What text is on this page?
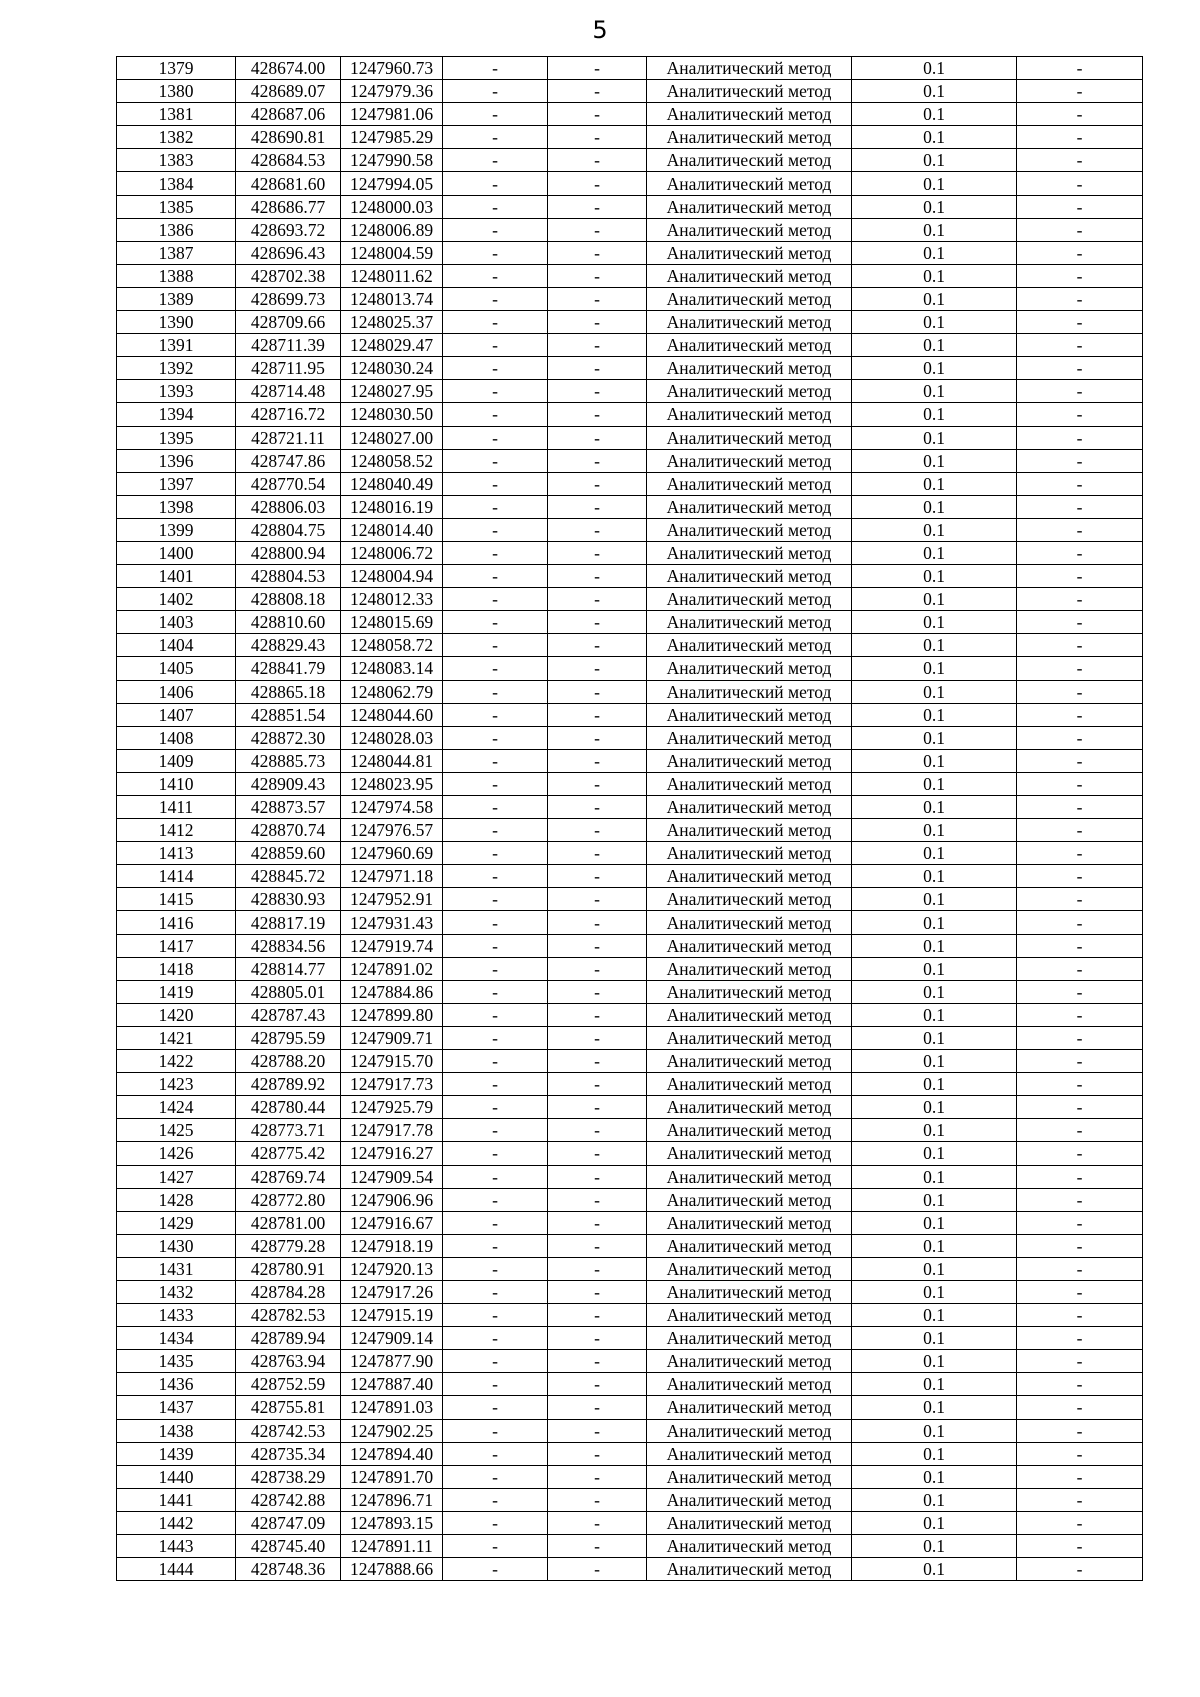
5
1379	428674.00	1247960.73	-	-	Аналитический метод	0.1	-
1380	428689.07	1247979.36	-	-	Аналитический метод	0.1	-
1381	428687.06	1247981.06	-	-	Аналитический метод	0.1	-
1382	428690.81	1247985.29	-	-	Аналитический метод	0.1	-
1383	428684.53	1247990.58	-	-	Аналитический метод	0.1	-
1384	428681.60	1247994.05	-	-	Аналитический метод	0.1	-
1385	428686.77	1248000.03	-	-	Аналитический метод	0.1	-
1386	428693.72	1248006.89	-	-	Аналитический метод	0.1	-
1387	428696.43	1248004.59	-	-	Аналитический метод	0.1	-
1388	428702.38	1248011.62	-	-	Аналитический метод	0.1	-
1389	428699.73	1248013.74	-	-	Аналитический метод	0.1	-
1390	428709.66	1248025.37	-	-	Аналитический метод	0.1	-
1391	428711.39	1248029.47	-	-	Аналитический метод	0.1	-
1392	428711.95	1248030.24	-	-	Аналитический метод	0.1	-
1393	428714.48	1248027.95	-	-	Аналитический метод	0.1	-
1394	428716.72	1248030.50	-	-	Аналитический метод	0.1	-
1395	428721.11	1248027.00	-	-	Аналитический метод	0.1	-
1396	428747.86	1248058.52	-	-	Аналитический метод	0.1	-
1397	428770.54	1248040.49	-	-	Аналитический метод	0.1	-
1398	428806.03	1248016.19	-	-	Аналитический метод	0.1	-
1399	428804.75	1248014.40	-	-	Аналитический метод	0.1	-
1400	428800.94	1248006.72	-	-	Аналитический метод	0.1	-
1401	428804.53	1248004.94	-	-	Аналитический метод	0.1	-
1402	428808.18	1248012.33	-	-	Аналитический метод	0.1	-
1403	428810.60	1248015.69	-	-	Аналитический метод	0.1	-
1404	428829.43	1248058.72	-	-	Аналитический метод	0.1	-
1405	428841.79	1248083.14	-	-	Аналитический метод	0.1	-
1406	428865.18	1248062.79	-	-	Аналитический метод	0.1	-
1407	428851.54	1248044.60	-	-	Аналитический метод	0.1	-
1408	428872.30	1248028.03	-	-	Аналитический метод	0.1	-
1409	428885.73	1248044.81	-	-	Аналитический метод	0.1	-
1410	428909.43	1248023.95	-	-	Аналитический метод	0.1	-
1411	428873.57	1247974.58	-	-	Аналитический метод	0.1	-
1412	428870.74	1247976.57	-	-	Аналитический метод	0.1	-
1413	428859.60	1247960.69	-	-	Аналитический метод	0.1	-
1414	428845.72	1247971.18	-	-	Аналитический метод	0.1	-
1415	428830.93	1247952.91	-	-	Аналитический метод	0.1	-
1416	428817.19	1247931.43	-	-	Аналитический метод	0.1	-
1417	428834.56	1247919.74	-	-	Аналитический метод	0.1	-
1418	428814.77	1247891.02	-	-	Аналитический метод	0.1	-
1419	428805.01	1247884.86	-	-	Аналитический метод	0.1	-
1420	428787.43	1247899.80	-	-	Аналитический метод	0.1	-
1421	428795.59	1247909.71	-	-	Аналитический метод	0.1	-
1422	428788.20	1247915.70	-	-	Аналитический метод	0.1	-
1423	428789.92	1247917.73	-	-	Аналитический метод	0.1	-
1424	428780.44	1247925.79	-	-	Аналитический метод	0.1	-
1425	428773.71	1247917.78	-	-	Аналитический метод	0.1	-
1426	428775.42	1247916.27	-	-	Аналитический метод	0.1	-
1427	428769.74	1247909.54	-	-	Аналитический метод	0.1	-
1428	428772.80	1247906.96	-	-	Аналитический метод	0.1	-
1429	428781.00	1247916.67	-	-	Аналитический метод	0.1	-
1430	428779.28	1247918.19	-	-	Аналитический метод	0.1	-
1431	428780.91	1247920.13	-	-	Аналитический метод	0.1	-
1432	428784.28	1247917.26	-	-	Аналитический метод	0.1	-
1433	428782.53	1247915.19	-	-	Аналитический метод	0.1	-
1434	428789.94	1247909.14	-	-	Аналитический метод	0.1	-
1435	428763.94	1247877.90	-	-	Аналитический метод	0.1	-
1436	428752.59	1247887.40	-	-	Аналитический метод	0.1	-
1437	428755.81	1247891.03	-	-	Аналитический метод	0.1	-
1438	428742.53	1247902.25	-	-	Аналитический метод	0.1	-
1439	428735.34	1247894.40	-	-	Аналитический метод	0.1	-
1440	428738.29	1247891.70	-	-	Аналитический метод	0.1	-
1441	428742.88	1247896.71	-	-	Аналитический метод	0.1	-
1442	428747.09	1247893.15	-	-	Аналитический метод	0.1	-
1443	428745.40	1247891.11	-	-	Аналитический метод	0.1	-
1444	428748.36	1247888.66	-	-	Аналитический метод	0.1	-
